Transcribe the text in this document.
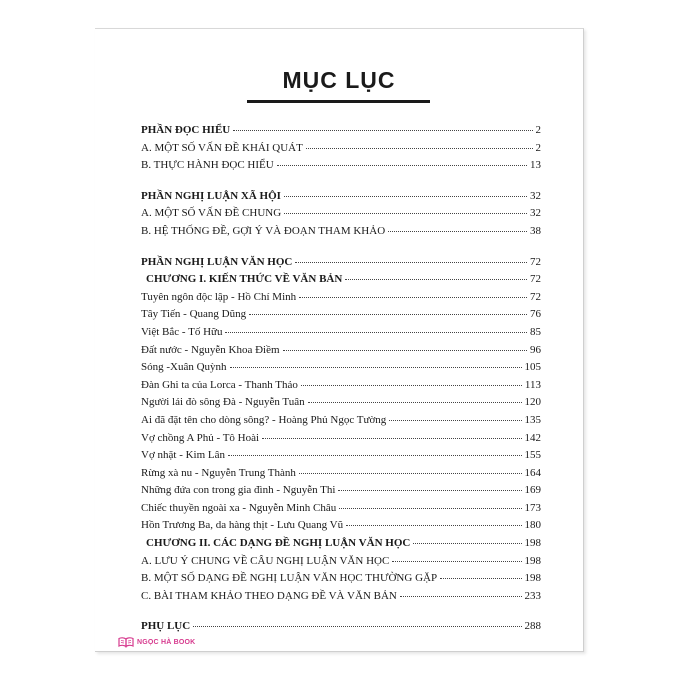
MỤC LỤC
PHẦN ĐỌC HIỂU	2
A. MỘT SỐ VẤN ĐỀ KHÁI QUÁT	2
B. THỰC HÀNH ĐỌC HIỂU	13
PHẦN NGHỊ LUẬN XÃ HỘI	32
A. MỘT SỐ VẤN ĐỀ CHUNG	32
B. HỆ THỐNG ĐỀ, GỢI Ý VÀ ĐOẠN THAM KHẢO	38
PHẦN NGHỊ LUẬN VĂN HỌC	72
CHƯƠNG I. KIẾN THỨC VỀ VĂN BẢN	72
Tuyên ngôn độc lập - Hồ Chí Minh	72
Tây Tiến - Quang Dũng	76
Việt Bắc - Tố Hữu	85
Đất nước - Nguyễn Khoa Điềm	96
Sóng -Xuân Quỳnh	105
Đàn Ghi ta của Lorca - Thanh Thảo	113
Người lái đò sông Đà - Nguyễn Tuân	120
Ai đã đặt tên cho dòng sông? - Hoàng Phủ Ngọc Tường	135
Vợ chồng A Phủ - Tô Hoài	142
Vợ nhặt - Kim Lân	155
Rừng xà nu - Nguyễn Trung Thành	164
Những đứa con trong gia đình - Nguyễn Thi	169
Chiếc thuyền ngoài xa - Nguyễn Minh Châu	173
Hồn Trương Ba, da hàng thịt - Lưu Quang Vũ	180
CHƯƠNG II. CÁC DẠNG ĐỀ NGHỊ LUẬN VĂN HỌC	198
A. LƯU Ý CHUNG VỀ CÂU NGHỊ LUẬN VĂN HỌC	198
B. MỘT SỐ DẠNG ĐỀ NGHỊ LUẬN VĂN HỌC THƯỜNG GẶP	198
C. BÀI THAM KHẢO THEO DẠNG ĐỀ VÀ VĂN BẢN	233
PHỤ LỤC	288
NGỌC HÀ BOOK
